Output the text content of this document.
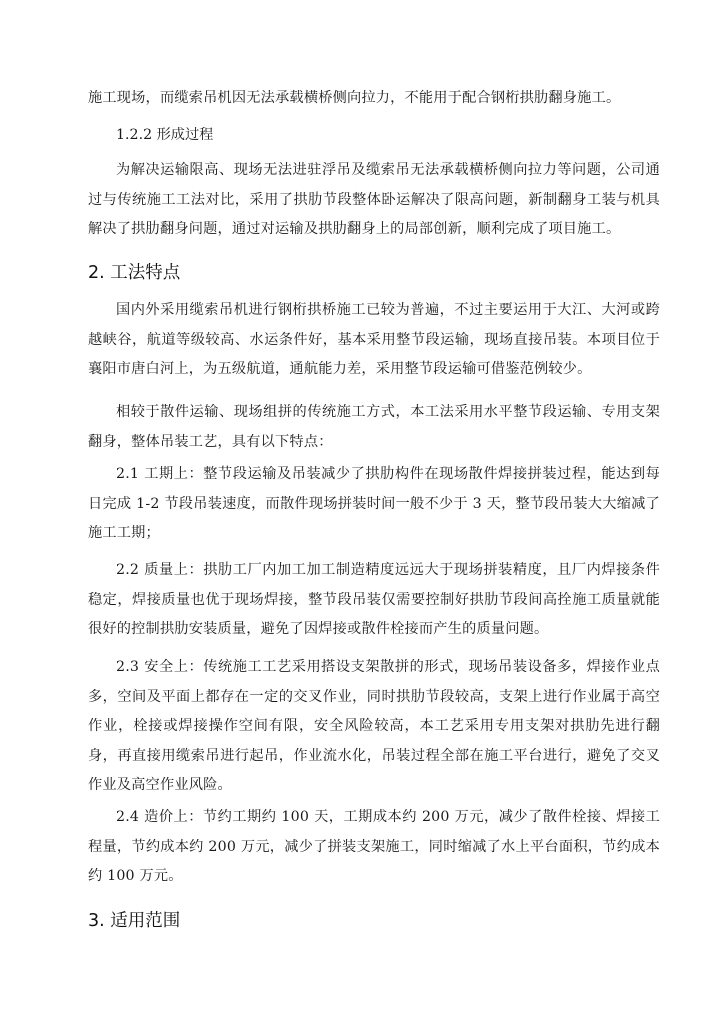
施工现场，而缆索吊机因无法承载横桥侧向拉力，不能用于配合钢桁拱肋翻身施工。

1.2.2 形成过程

为解决运输限高、现场无法进驻浮吊及缆索吊无法承载横桥侧向拉力等问题，公司通过与传统施工工法对比，采用了拱肋节段整体卧运解决了限高问题，新制翻身工装与机具解决了拱肋翻身问题，通过对运输及拱肋翻身上的局部创新，顺利完成了项目施工。

2. 工法特点

国内外采用缆索吊机进行钢桁拱桥施工已较为普遍，不过主要运用于大江、大河或跨越峡谷，航道等级较高、水运条件好，基本采用整节段运输，现场直接吊装。本项目位于襄阳市唐白河上，为五级航道，通航能力差，采用整节段运输可借鉴范例较少。

相较于散件运输、现场组拼的传统施工方式，本工法采用水平整节段运输、专用支架翻身，整体吊装工艺，具有以下特点：

2.1 工期上：整节段运输及吊装减少了拱肋构件在现场散件焊接拼装过程，能达到每日完成 1-2 节段吊装速度，而散件现场拼装时间一般不少于 3 天，整节段吊装大大缩减了施工工期；

2.2 质量上：拱肋工厂内加工加工制造精度远远大于现场拼装精度，且厂内焊接条件稳定，焊接质量也优于现场焊接，整节段吊装仅需要控制好拱肋节段间高拴施工质量就能很好的控制拱肋安装质量，避免了因焊接或散件栓接而产生的质量问题。

2.3 安全上：传统施工工艺采用搭设支架散拼的形式，现场吊装设备多，焊接作业点多，空间及平面上都存在一定的交叉作业，同时拱肋节段较高，支架上进行作业属于高空作业，栓接或焊接操作空间有限，安全风险较高，本工艺采用专用支架对拱肋先进行翻身，再直接用缆索吊进行起吊，作业流水化，吊装过程全部在施工平台进行，避免了交叉作业及高空作业风险。

2.4 造价上：节约工期约 100 天，工期成本约 200 万元，减少了散件栓接、焊接工程量，节约成本约 200 万元，减少了拼装支架施工，同时缩减了水上平台面积，节约成本约 100 万元。

3. 适用范围
